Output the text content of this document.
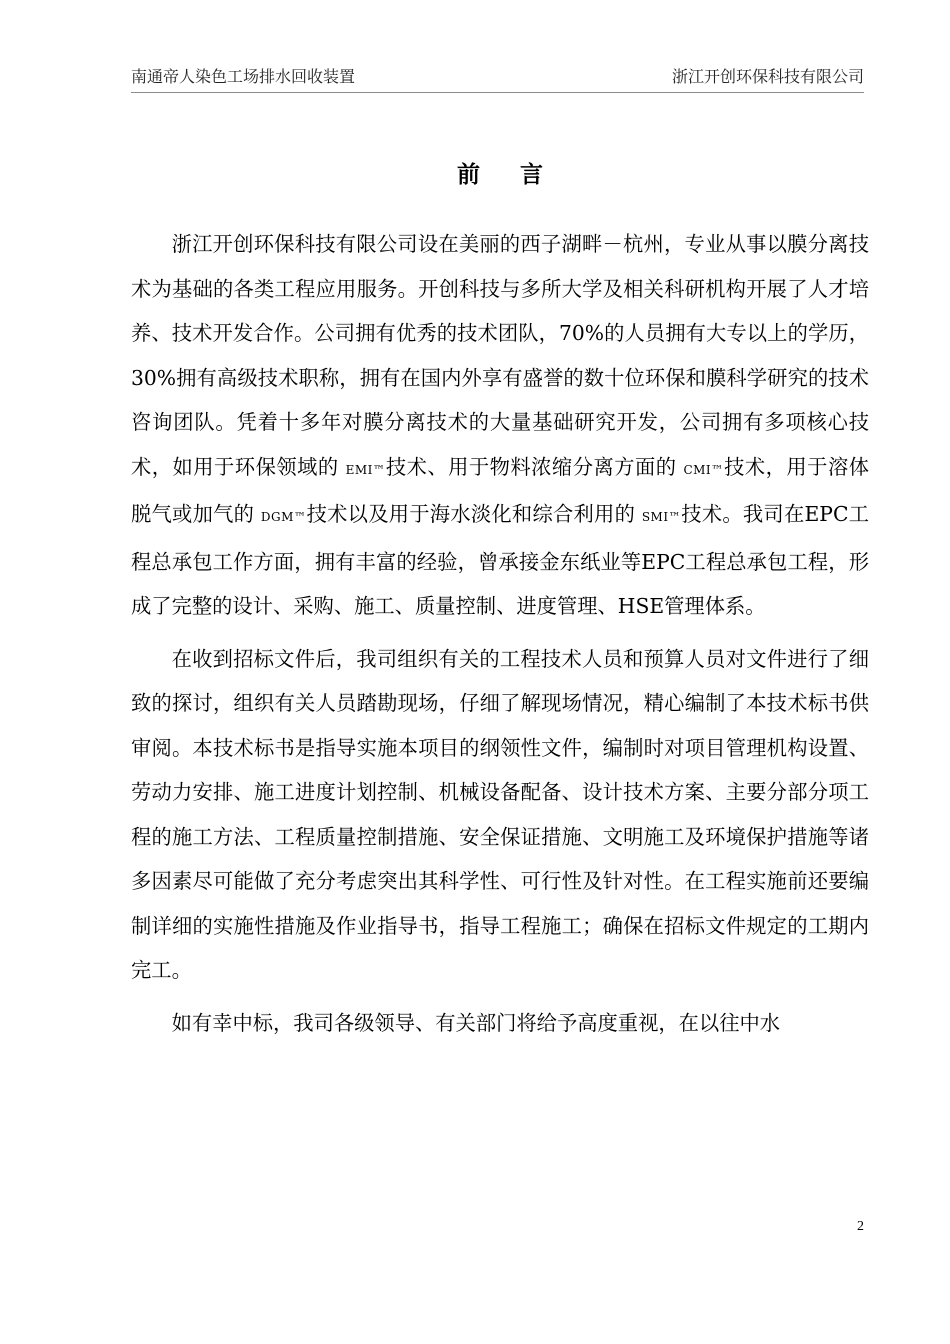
南通帝人染色工场排水回收装置	浙江开创环保科技有限公司
前言

浙江开创环保科技有限公司设在美丽的西子湖畔－杭州，专业从事以膜分离技术为基础的各类工程应用服务。开创科技与多所大学及相关科研机构开展了人才培养、技术开发合作。公司拥有优秀的技术团队，70%的人员拥有大专以上的学历，30%拥有高级技术职称，拥有在国内外享有盛誉的数十位环保和膜科学研究的技术咨询团队。凭着十多年对膜分离技术的大量基础研究开发，公司拥有多项核心技术，如用于环保领域的 EMI™技术、用于物料浓缩分离方面的 CMI™技术，用于溶体脱气或加气的 DGM™技术以及用于海水淡化和综合利用的 SMI™技术。我司在EPC工程总承包工作方面，拥有丰富的经验，曾承接金东纸业等EPC工程总承包工程，形成了完整的设计、采购、施工、质量控制、进度管理、HSE管理体系。

在收到招标文件后，我司组织有关的工程技术人员和预算人员对文件进行了细致的探讨，组织有关人员踏勘现场，仔细了解现场情况，精心编制了本技术标书供审阅。本技术标书是指导实施本项目的纲领性文件，编制时对项目管理机构设置、劳动力安排、施工进度计划控制、机械设备配备、设计技术方案、主要分部分项工程的施工方法、工程质量控制措施、安全保证措施、文明施工及环境保护措施等诸多因素尽可能做了充分考虑突出其科学性、可行性及针对性。在工程实施前还要编制详细的实施性措施及作业指导书，指导工程施工；确保在招标文件规定的工期内完工。

如有幸中标，我司各级领导、有关部门将给予高度重视，在以往中水

2
